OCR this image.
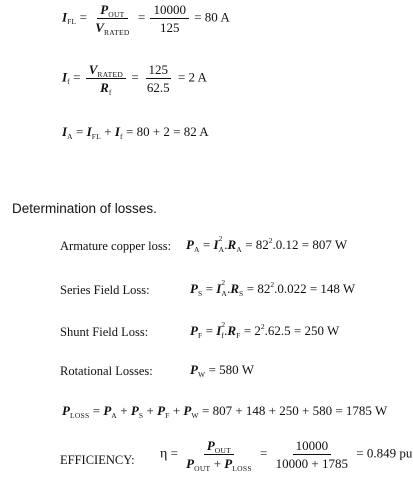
$I_{FL} = \frac{P_{OUT}}{V_{RATED}} = \frac{10000}{125} = 80$ A
$I_f = \frac{V_{RATED}}{R_f} = \frac{125}{62.5} = 2$ A
$I_A = I_{FL} + I_f = 80 + 2 = 82$ A
Determination of losses.
Armature copper loss: $P_A = I$ $_{2 A}.R_A = 82^2.0.12 = 807$ W
Series Field Loss:	$P_S = I$ $_{2 A}.R_S = 82^2.0.022 = 148$ W
Shunt Field Loss:	$P_F = I$ $_{2 f}.R_F = 2^2.62.5 = 250$ W
Rotational Losses:	$P_W = 580$ W
$P_{LOSS} = P_A + P_S + P_F + P_W = 807 + 148 + 250 + 580 = 1785$ W
EFFICIENCY: $\eta = \frac{P_{OUT}}{P_{OUT} + P_{LOSS}} = \frac{10000}{10000 + 1785} = 0.849$ pu
